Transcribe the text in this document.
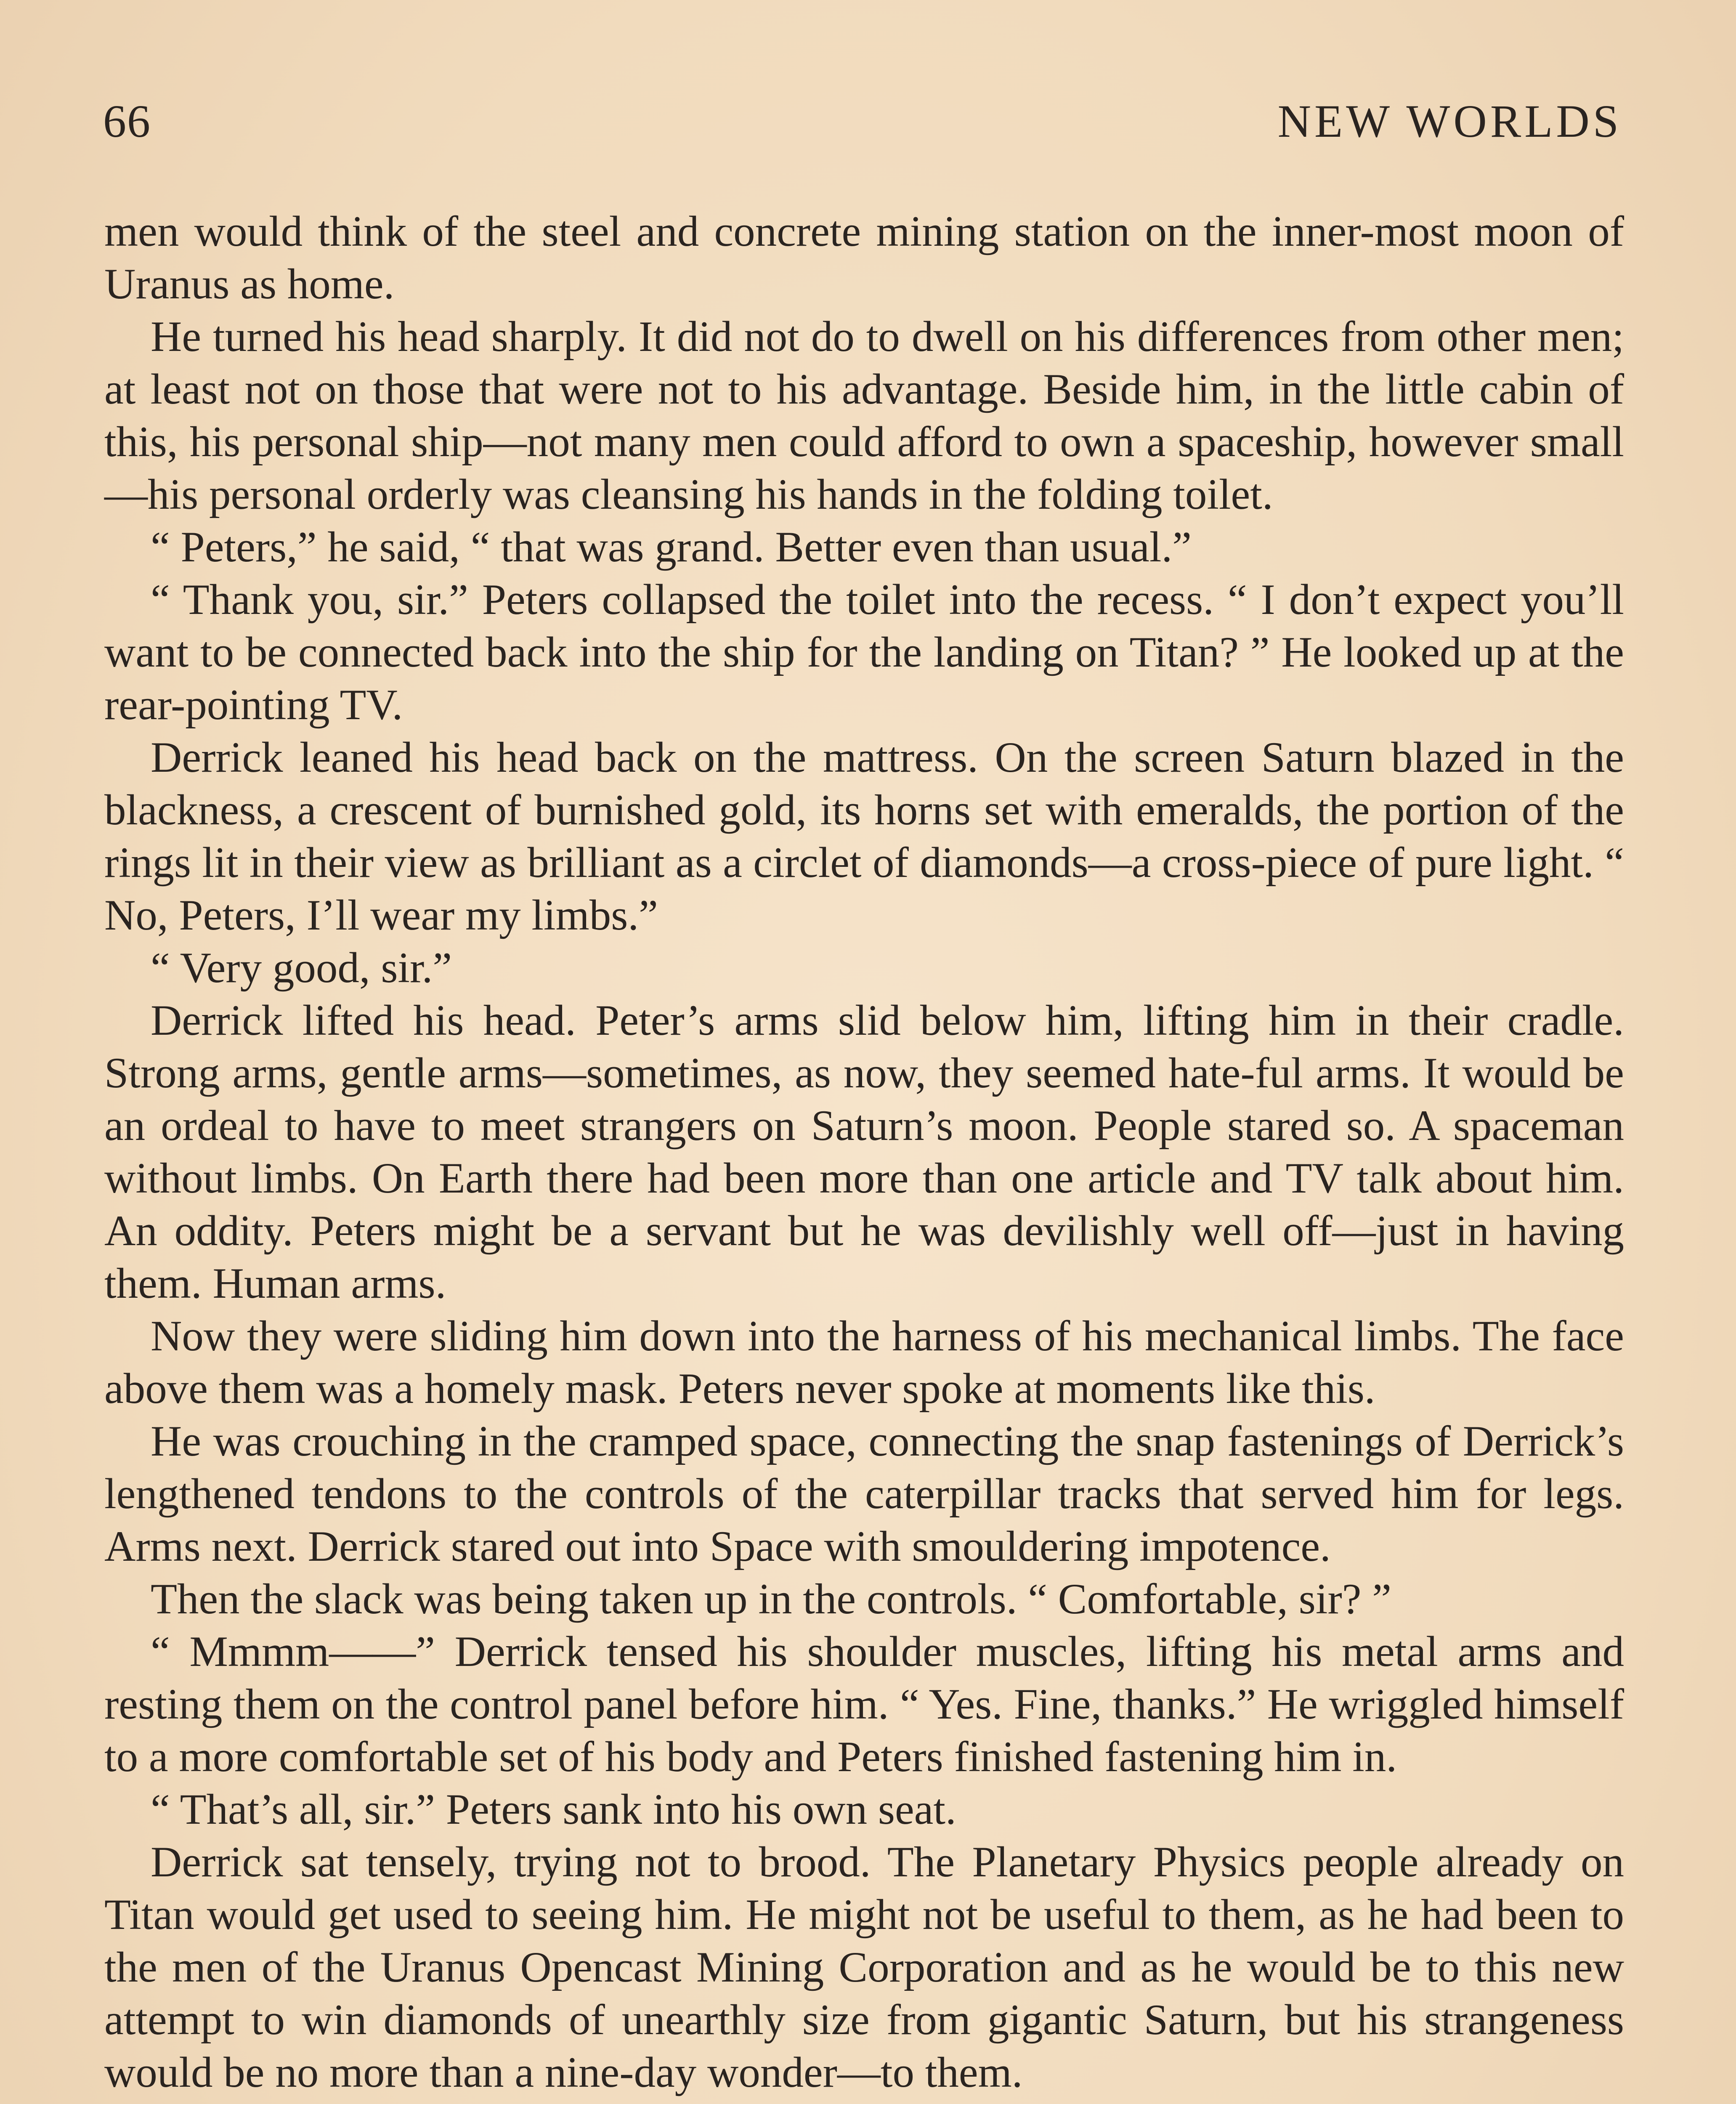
66	NEW WORLDS

men would think of the steel and concrete mining station on the inner-most moon of Uranus as home.

He turned his head sharply. It did not do to dwell on his differences from other men; at least not on those that were not to his advantage. Beside him, in the little cabin of this, his personal ship—not many men could afford to own a spaceship, however small—his personal orderly was cleansing his hands in the folding toilet.

“ Peters,” he said, “ that was grand. Better even than usual.”

“ Thank you, sir.” Peters collapsed the toilet into the recess. “ I don’t expect you’ll want to be connected back into the ship for the landing on Titan? ” He looked up at the rear-pointing TV.

Derrick leaned his head back on the mattress. On the screen Saturn blazed in the blackness, a crescent of burnished gold, its horns set with emeralds, the portion of the rings lit in their view as brilliant as a circlet of diamonds—a cross-piece of pure light. “ No, Peters, I’ll wear my limbs.”

“ Very good, sir.”

Derrick lifted his head. Peter’s arms slid below him, lifting him in their cradle. Strong arms, gentle arms—sometimes, as now, they seemed hate-ful arms. It would be an ordeal to have to meet strangers on Saturn’s moon. People stared so. A spaceman without limbs. On Earth there had been more than one article and TV talk about him. An oddity. Peters might be a servant but he was devilishly well off—just in having them. Human arms.

Now they were sliding him down into the harness of his mechanical limbs. The face above them was a homely mask. Peters never spoke at moments like this.

He was crouching in the cramped space, connecting the snap fastenings of Derrick’s lengthened tendons to the controls of the caterpillar tracks that served him for legs. Arms next. Derrick stared out into Space with smouldering impotence.

Then the slack was being taken up in the controls. “ Comfortable, sir? ”

“ Mmmm——” Derrick tensed his shoulder muscles, lifting his metal arms and resting them on the control panel before him. “ Yes. Fine, thanks.” He wriggled himself to a more comfortable set of his body and Peters finished fastening him in.

“ That’s all, sir.” Peters sank into his own seat.

Derrick sat tensely, trying not to brood. The Planetary Physics people already on Titan would get used to seeing him. He might not be useful to them, as he had been to the men of the Uranus Opencast Mining Corporation and as he would be to this new attempt to win diamonds of unearthly size from gigantic Saturn, but his strangeness would be no more than a nine-day wonder—to them.
